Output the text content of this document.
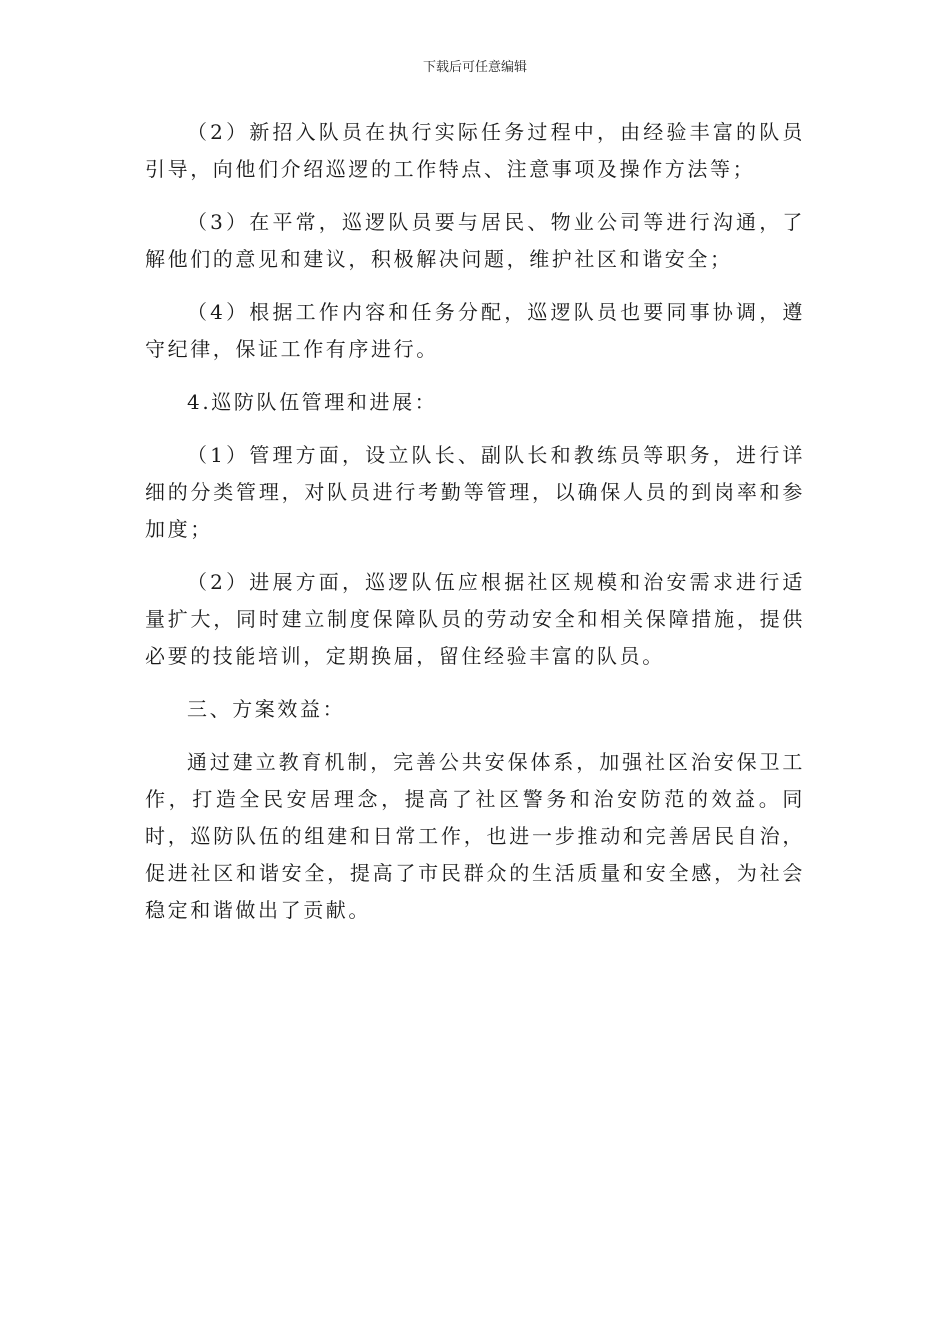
下载后可任意编辑

（2）新招入队员在执行实际任务过程中，由经验丰富的队员引导，向他们介绍巡逻的工作特点、注意事项及操作方法等；

（3）在平常，巡逻队员要与居民、物业公司等进行沟通，了解他们的意见和建议，积极解决问题，维护社区和谐安全；

（4）根据工作内容和任务分配，巡逻队员也要同事协调，遵守纪律，保证工作有序进行。

4.巡防队伍管理和进展：

（1）管理方面，设立队长、副队长和教练员等职务，进行详细的分类管理，对队员进行考勤等管理，以确保人员的到岗率和参加度；

（2）进展方面，巡逻队伍应根据社区规模和治安需求进行适量扩大，同时建立制度保障队员的劳动安全和相关保障措施，提供必要的技能培训，定期换届，留住经验丰富的队员。

三、方案效益：

通过建立教育机制，完善公共安保体系，加强社区治安保卫工作，打造全民安居理念，提高了社区警务和治安防范的效益。同时，巡防队伍的组建和日常工作，也进一步推动和完善居民自治，促进社区和谐安全，提高了市民群众的生活质量和安全感，为社会稳定和谐做出了贡献。
